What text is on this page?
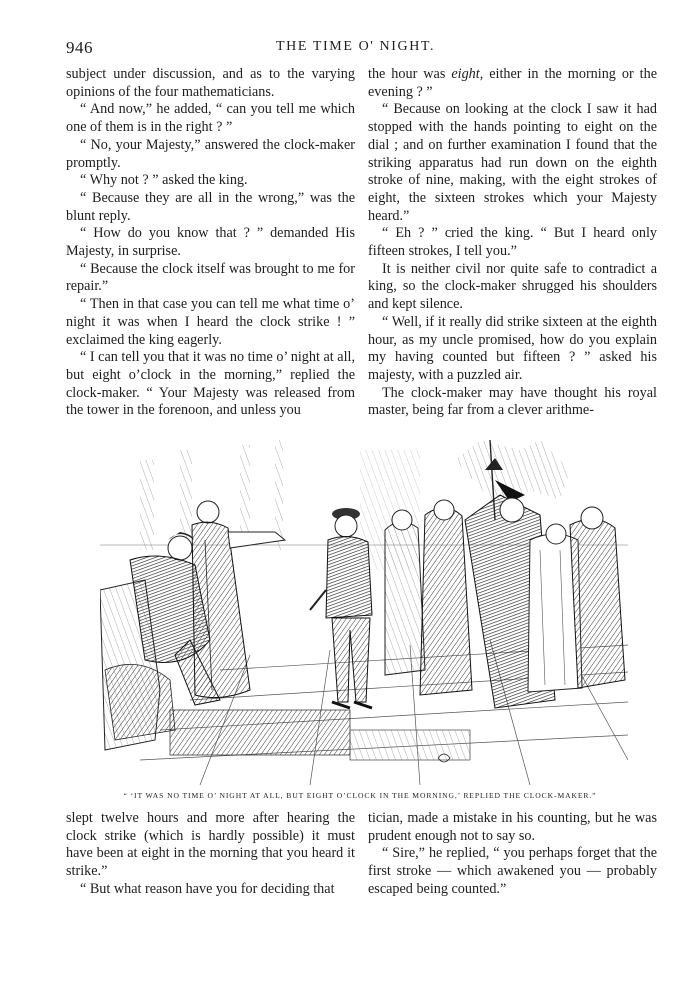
946	THE TIME O' NIGHT.

subject under discussion, and as to the varying opinions of the four mathematicians.

“ And now,” he added, “ can you tell me which one of them is in the right ? ”

“ No, your Majesty,” answered the clock-maker promptly.

“ Why not ? ” asked the king.

“ Because they are all in the wrong,” was the blunt reply.

“ How do you know that ? ” demanded His Majesty, in surprise.

“ Because the clock itself was brought to me for repair.”

“ Then in that case you can tell me what time o’ night it was when I heard the clock strike ! ” exclaimed the king eagerly.

“ I can tell you that it was no time o’ night at all, but eight o’clock in the morning,” replied the clock-maker. “ Your Majesty was released from the tower in the forenoon, and unless you

the hour was eight, either in the morning or the evening ? ”

“ Because on looking at the clock I saw it had stopped with the hands pointing to eight on the dial ; and on further examination I found that the striking apparatus had run down on the eighth stroke of nine, making, with the eight strokes of eight, the sixteen strokes which your Majesty heard.”

“ Eh ? ” cried the king. “ But I heard only fifteen strokes, I tell you.”

It is neither civil nor quite safe to contradict a king, so the clock-maker shrugged his shoulders and kept silence.

“ Well, if it really did strike sixteen at the eighth hour, as my uncle promised, how do you explain my having counted but fifteen ? ” asked his majesty, with a puzzled air.

The clock-maker may have thought his royal master, being far from a clever arithme-

“ ‘IT WAS NO TIME O’ NIGHT AT ALL, BUT EIGHT O’CLOCK IN THE MORNING,’ REPLIED THE CLOCK-MAKER.”

slept twelve hours and more after hearing the clock strike (which is hardly possible) it must have been at eight in the morning that you heard it strike.”

“ But what reason have you for deciding that

tician, made a mistake in his counting, but he was prudent enough not to say so.

“ Sire,” he replied, “ you perhaps forget that the first stroke — which awakened you — probably escaped being counted.”
